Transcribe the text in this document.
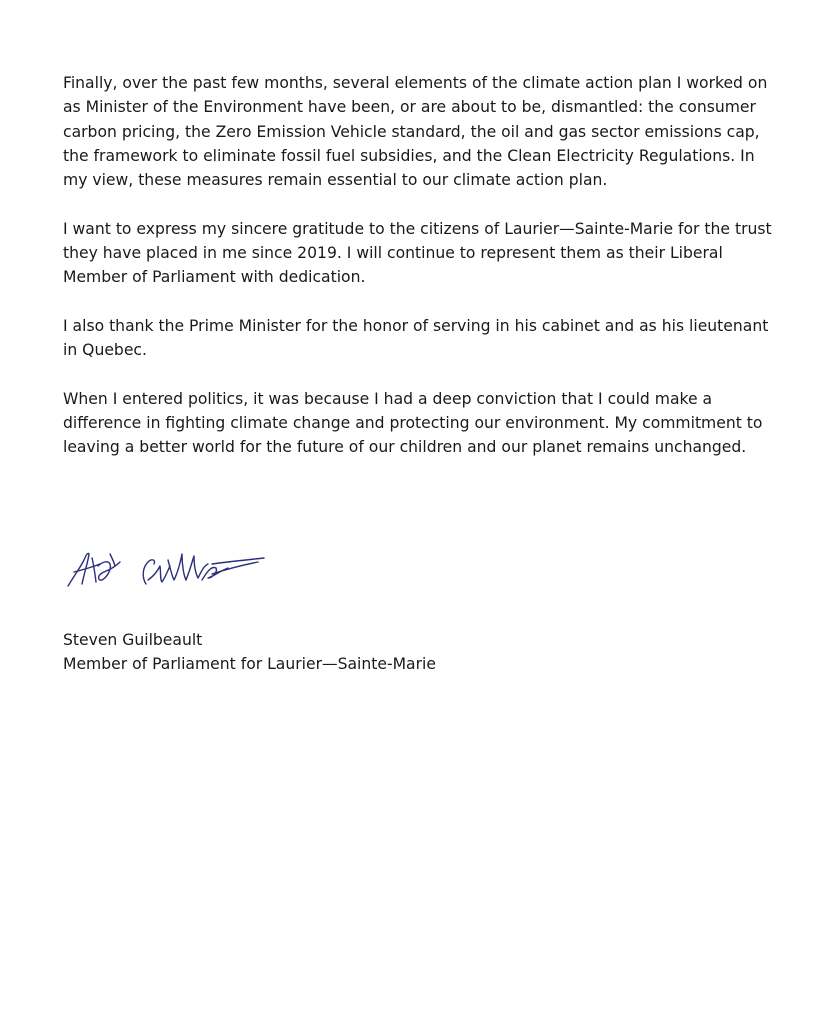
Finally, over the past few months, several elements of the climate action plan I worked on as Minister of the Environment have been, or are about to be, dismantled: the consumer carbon pricing, the Zero Emission Vehicle standard, the oil and gas sector emissions cap, the framework to eliminate fossil fuel subsidies, and the Clean Electricity Regulations. In my view, these measures remain essential to our climate action plan.

I want to express my sincere gratitude to the citizens of Laurier—Sainte-Marie for the trust they have placed in me since 2019. I will continue to represent them as their Liberal Member of Parliament with dedication.

I also thank the Prime Minister for the honor of serving in his cabinet and as his lieutenant in Quebec.

When I entered politics, it was because I had a deep conviction that I could make a difference in fighting climate change and protecting our environment. My commitment to leaving a better world for the future of our children and our planet remains unchanged.

Steven Guilbeault
Member of Parliament for Laurier—Sainte-Marie
